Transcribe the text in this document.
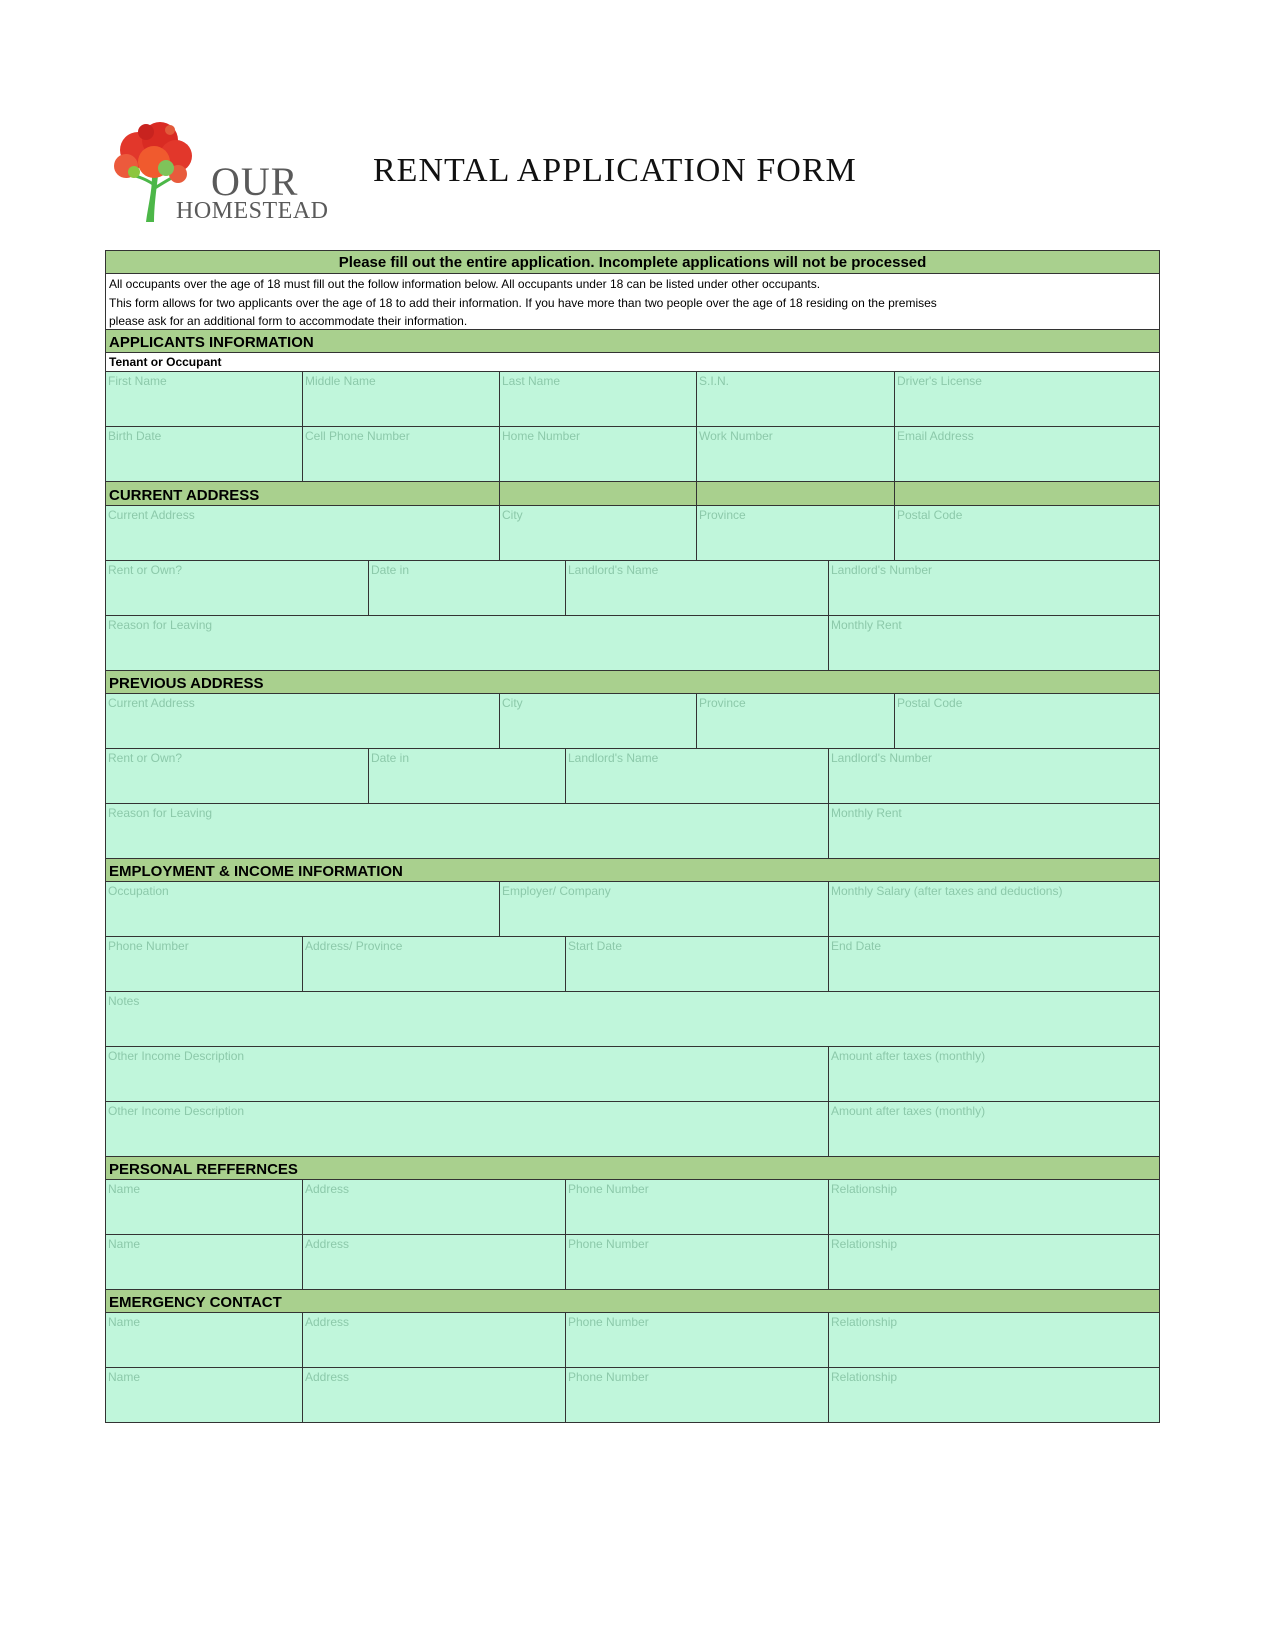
OUR
HOMESTEAD
RENTAL APPLICATION FORM
Please fill out the entire application. Incomplete applications will not be processed
All occupants over the age of 18 must fill out the follow information below. All occupants under 18 can be listed under other occupants.
This form allows for two applicants over the age of 18 to add their information. If you have more than two people over the age of 18 residing on the premises
please ask for an additional form to accommodate their information.
APPLICANTS INFORMATION
Tenant or Occupant
First Name	Middle Name	Last Name	S.I.N.	Driver's License
Birth Date	Cell Phone Number	Home Number	Work Number	Email Address
CURRENT ADDRESS
Current Address	City	Province	Postal Code
Rent or Own?	Date in	Landlord's Name	Landlord's Number
Reason for Leaving	Monthly Rent
PREVIOUS ADDRESS
Current Address	City	Province	Postal Code
Rent or Own?	Date in	Landlord's Name	Landlord's Number
Reason for Leaving	Monthly Rent
EMPLOYMENT & INCOME INFORMATION
Occupation	Employer/ Company	Monthly Salary (after taxes and deductions)
Phone Number	Address/ Province	Start Date	End Date
Notes
Other Income Description	Amount after taxes (monthly)
Other Income Description	Amount after taxes (monthly)
PERSONAL REFFERNCES
Name	Address	Phone Number	Relationship
Name	Address	Phone Number	Relationship
EMERGENCY CONTACT
Name	Address	Phone Number	Relationship
Name	Address	Phone Number	Relationship
